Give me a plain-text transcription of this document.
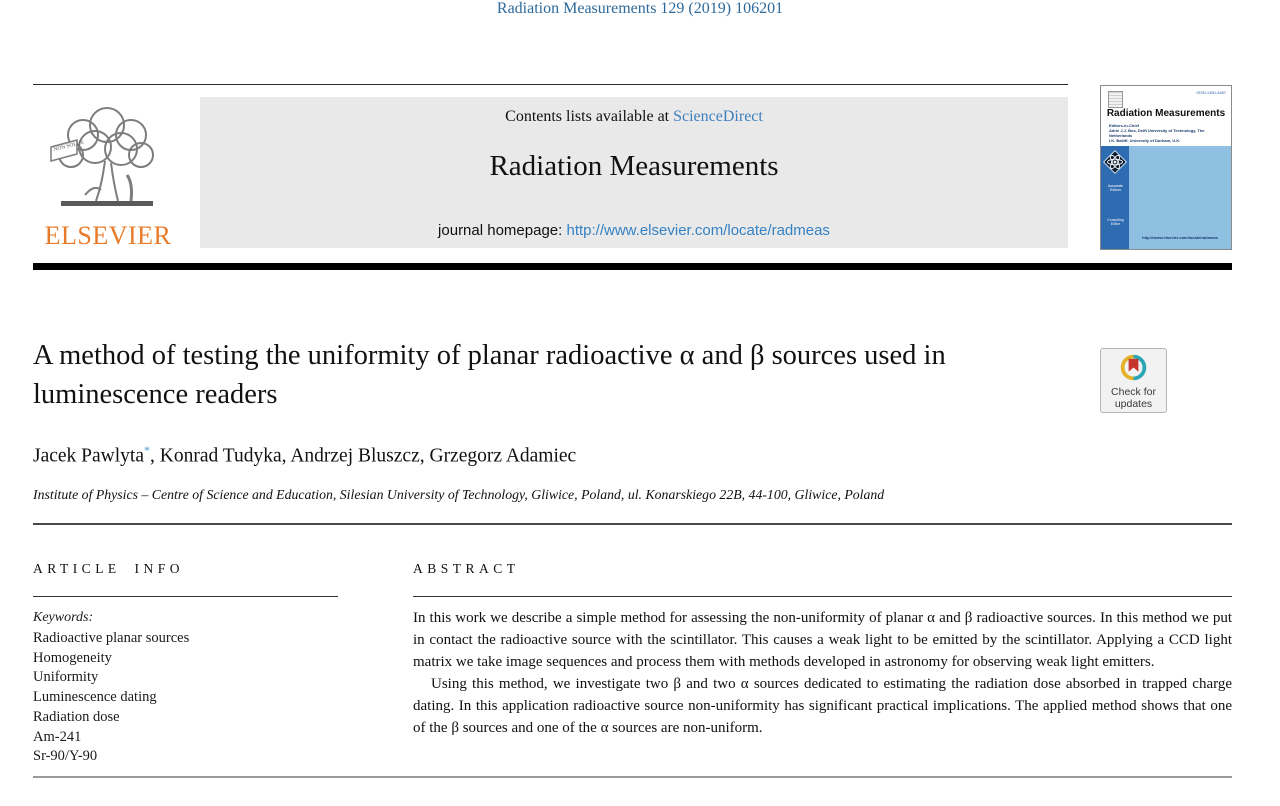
Radiation Measurements 129 (2019) 106201
NON SOLUS
ELSEVIER
Contents lists available at ScienceDirect
Radiation Measurements
journal homepage: http://www.elsevier.com/locate/radmeas
ISSN 1350-4487
Radiation Measurements
Editors-in-Chief
Adrie J.J. Bos, Delft University of Technology, The Netherlands
I.K. Bailiff, University of Durham, U.K.
Associate Editors
Consulting Editor
http://www.elsevier.com/locate/radmeas
A method of testing the uniformity of planar radioactive α and β sources used in luminescence readers	Check for
updates
Jacek Pawlyta*, Konrad Tudyka, Andrzej Bluszcz, Grzegorz Adamiec
Institute of Physics – Centre of Science and Education, Silesian University of Technology, Gliwice, Poland, ul. Konarskiego 22B, 44-100, Gliwice, Poland
ARTICLE INFO
Keywords:
Radioactive planar sources
Homogeneity
Uniformity
Luminescence dating
Radiation dose
Am-241
Sr-90/Y-90
ABSTRACT

In this work we describe a simple method for assessing the non-uniformity of planar α and β radioactive sources. In this method we put in contact the radioactive source with the scintillator. This causes a weak light to be emitted by the scintillator. Applying a CCD light matrix we take image sequences and process them with methods developed in astronomy for observing weak light emitters.

Using this method, we investigate two β and two α sources dedicated to estimating the radiation dose absorbed in trapped charge dating. In this application radioactive source non-uniformity has significant practical implications. The applied method shows that one of the β sources and one of the α sources are non-uniform.
